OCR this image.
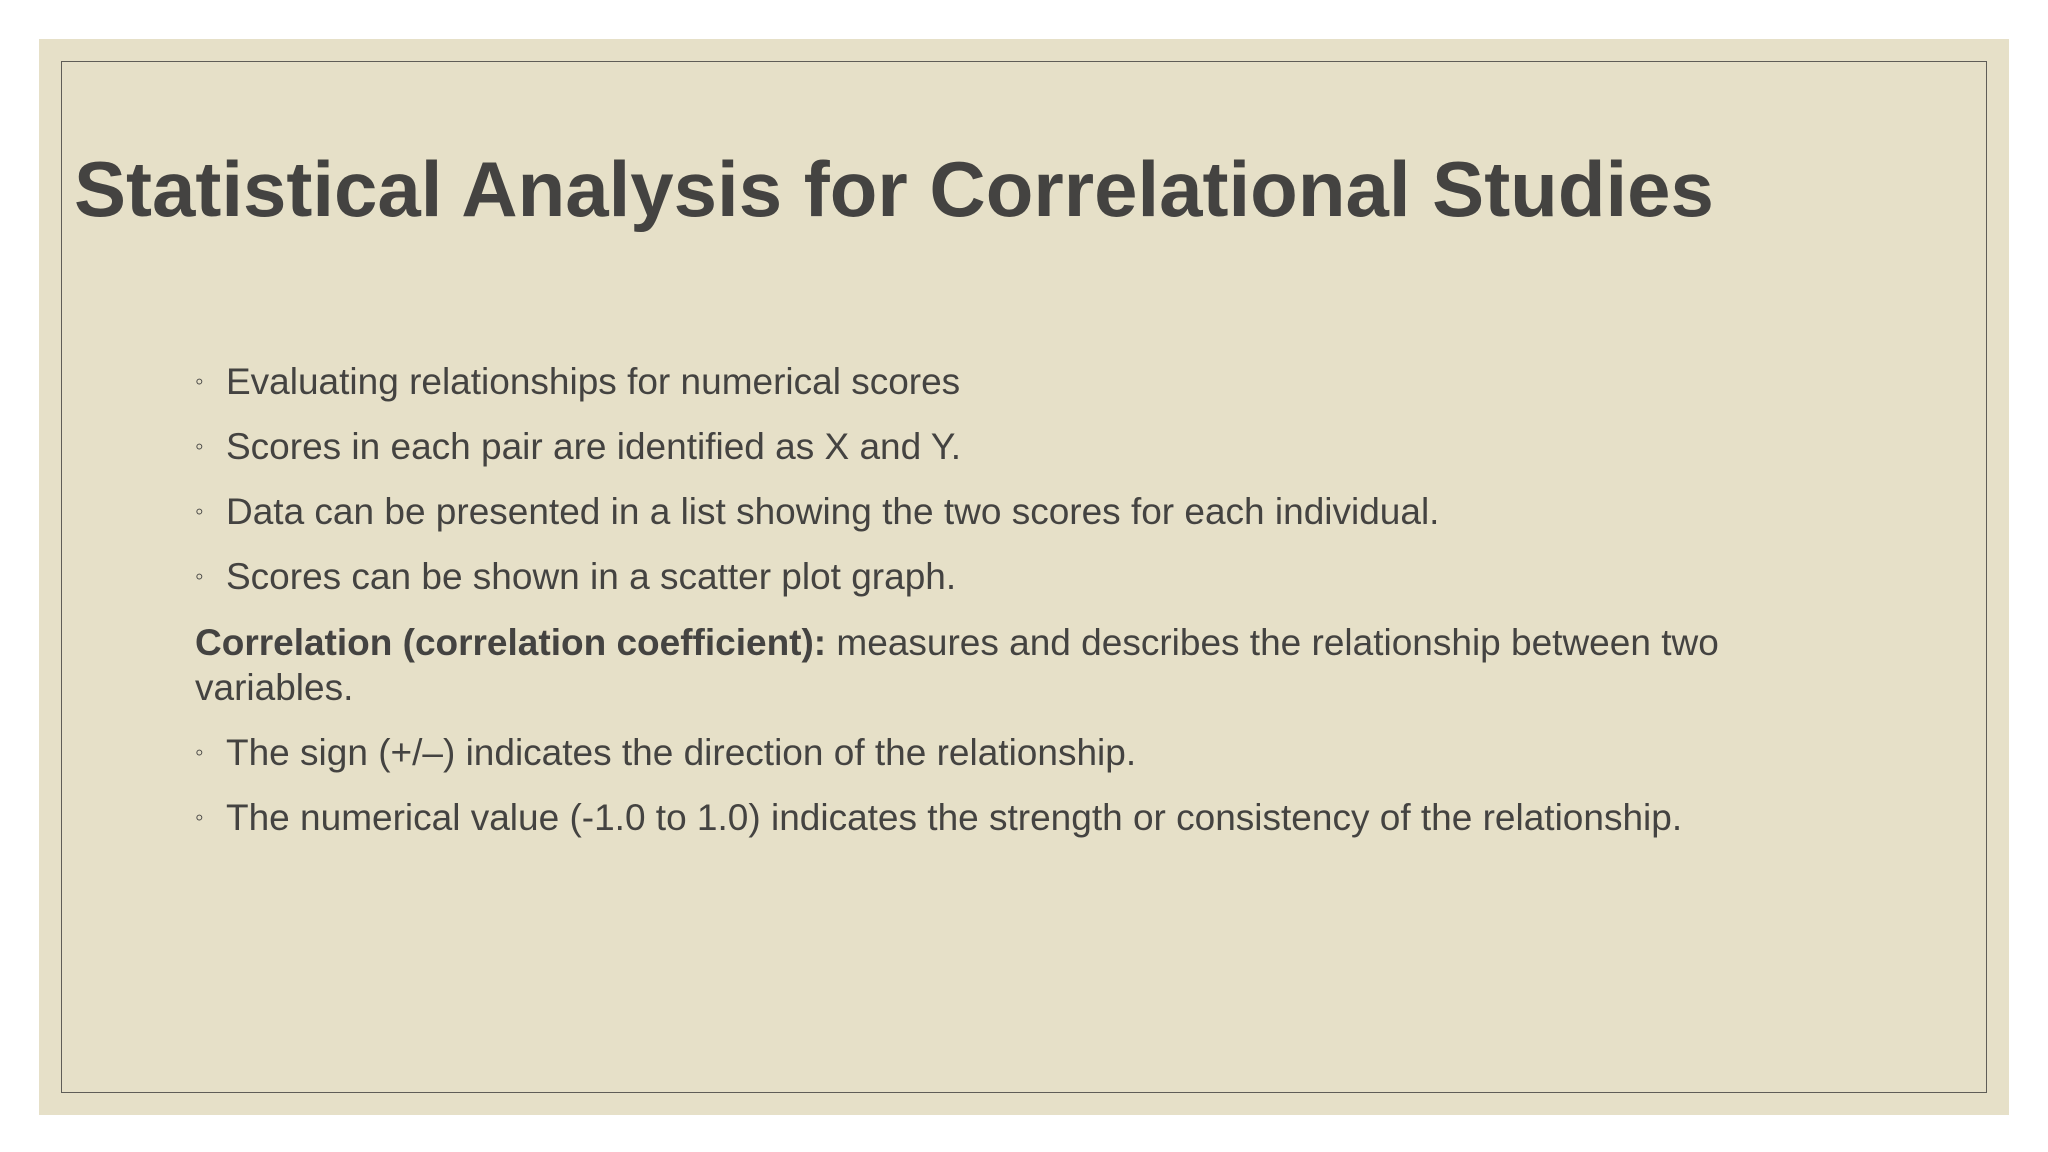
Statistical Analysis for Correlational Studies
◦ Evaluating relationships for numerical scores
◦ Scores in each pair are identified as X and Y.
◦ Data can be presented in a list showing the two scores for each individual.
◦ Scores can be shown in a scatter plot graph.
Correlation (correlation coefficient): measures and describes the relationship between two variables.
◦ The sign (+/–) indicates the direction of the relationship.
◦ The numerical value (-1.0 to 1.0) indicates the strength or consistency of the relationship.
